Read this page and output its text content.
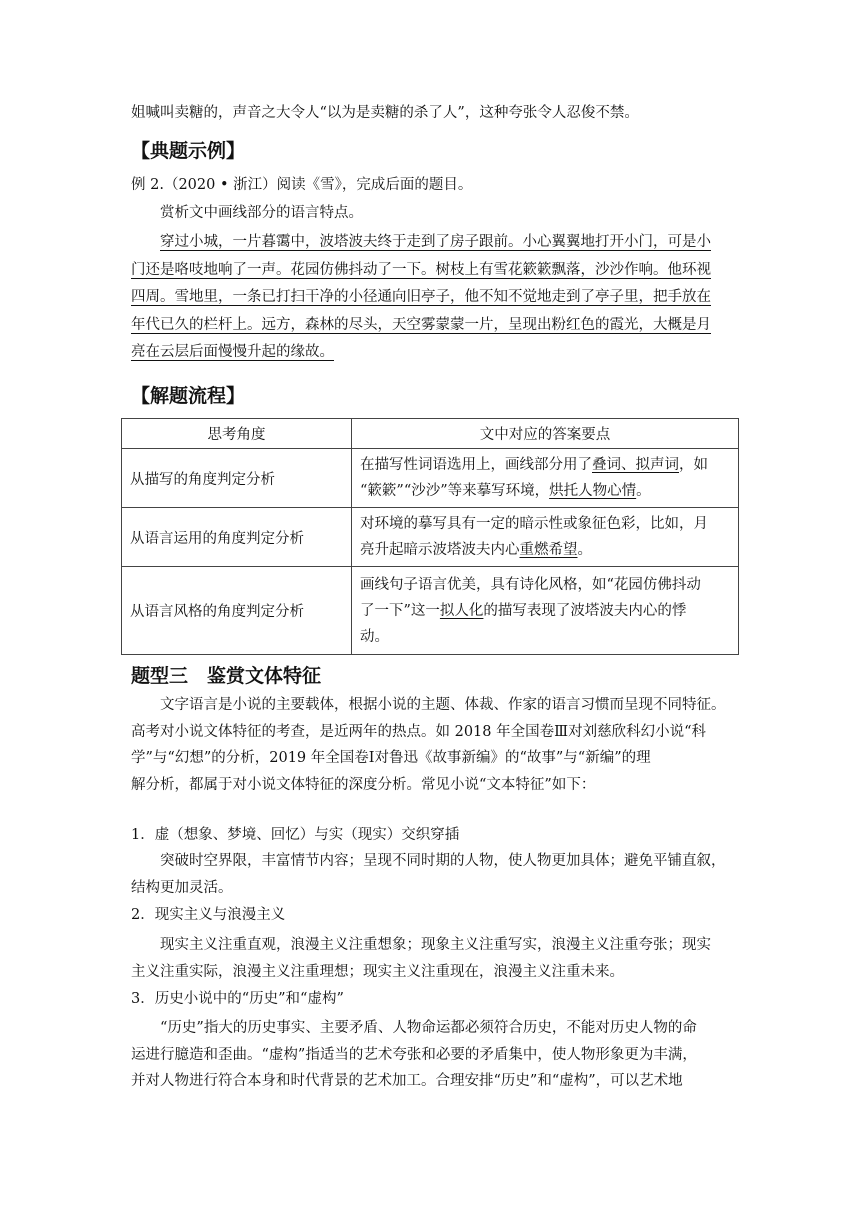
姐喊叫卖糖的，声音之大令人“以为是卖糖的杀了人”，这种夸张令人忍俊不禁。
【典题示例】
例 2.（2020 • 浙江）阅读《雪》，完成后面的题目。
赏析文中画线部分的语言特点。
穿过小城，一片暮霭中，波塔波夫终于走到了房子跟前。小心翼翼地打开小门，可是小
门还是咯吱地响了一声。花园仿佛抖动了一下。树枝上有雪花簌簌飘落，沙沙作响。他环视
四周。雪地里，一条已打扫干净的小径通向旧亭子，他不知不觉地走到了亭子里，把手放在
年代已久的栏杆上。远方，森林的尽头，天空雾蒙蒙一片，呈现出粉红色的霞光，大概是月
亮在云层后面慢慢升起的缘故。
【解题流程】
思考角度	文中对应的答案要点
从描写的角度判定分析	在描写性词语选用上，画线部分用了叠词、拟声词，如
“簌簌”“沙沙”等来摹写环境，烘托人物心情。

从语言运用的角度判定分析	对环境的摹写具有一定的暗示性或象征色彩，比如，月
亮升起暗示波塔波夫内心重燃希望。

从语言风格的角度判定分析	画线句子语言优美，具有诗化风格，如“花园仿佛抖动
了一下”这一拟人化的描写表现了波塔波夫内心的悸
动。
题型三　鉴赏文体特征
　　文字语言是小说的主要载体，根据小说的主题、体裁、作家的语言习惯而呈现不同特征。
高考对小说文体特征的考查，是近两年的热点。如 2018 年全国卷Ⅲ对刘慈欣科幻小说“科
学”与“幻想”的分析，2019 年全国卷Ⅰ对鲁迅《故事新编》的“故事”与“新编”的理
解分析，都属于对小说文体特征的深度分析。常见小说“文本特征”如下：
1．虚（想象、梦境、回忆）与实（现实）交织穿插
　　突破时空界限，丰富情节内容；呈现不同时期的人物，使人物更加具体；避免平铺直叙，
结构更加灵活。
2．现实主义与浪漫主义
　　现实主义注重直观，浪漫主义注重想象；现象主义注重写实，浪漫主义注重夸张；现实
主义注重实际，浪漫主义注重理想；现实主义注重现在，浪漫主义注重未来。
3．历史小说中的“历史”和“虚构”
　　“历史”指大的历史事实、主要矛盾、人物命运都必须符合历史，不能对历史人物的命
运进行臆造和歪曲。“虚构”指适当的艺术夸张和必要的矛盾集中，使人物形象更为丰满，
并对人物进行符合本身和时代背景的艺术加工。合理安排“历史”和“虚构”，可以艺术地
